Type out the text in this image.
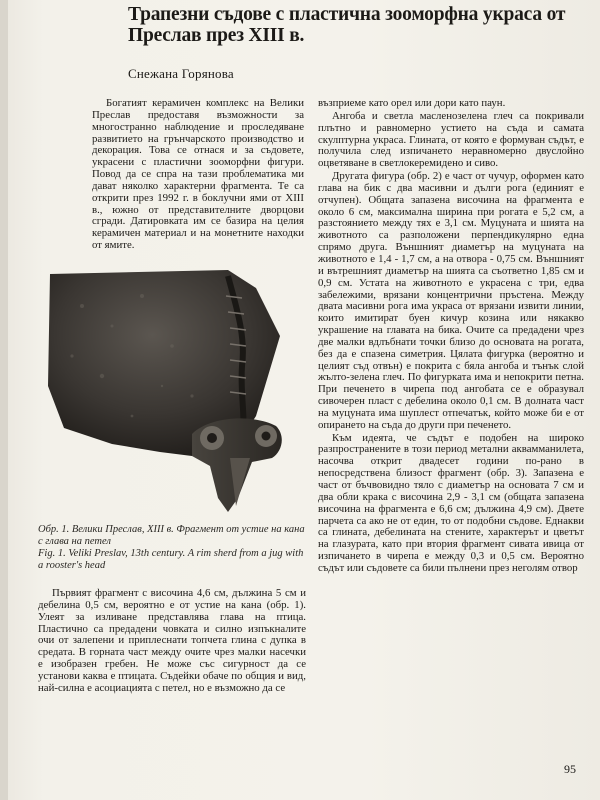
Трапезни съдове с пластична зооморфна украса от Преслав през XIII в.
Снежана Горянова

Богатият керамичен комплекс на Велики Преслав предоставя възможности за многостранно наблюдение и проследяване развитието на грънчарското производство и декорация. Това се отнася и за съдовете, украсени с пластични зооморфни фигури. Повод да се спра на тази проблематика ми дават няколко характерни фрагмента. Те са открити през 1992 г. в боклучни ями от XIII в., южно от представителните дворцови сгради. Датировката им се базира на целия керамичен материал и на монетните находки от ямите.

Обр. 1. Велики Преслав, XIII в. Фрагмент от устие на кана с глава на петел
Fig. 1. Veliki Preslav, 13th century. A rim sherd from a jug with a rooster's head

Първият фрагмент с височина 4,6 см, дължина 5 см и дебелина 0,5 см, вероятно е от устие на кана (обр. 1). Улеят за изливане представлява глава на птица. Пластично са предадени човката и силно изпъкналите очи от залепени и приплеснати топчета глина с дупка в средата. В горната част между очите чрез малки насечки е изобразен гребен. Не може със сигурност да се установи каква е птицата. Съдейки обаче по общия и вид, най-силна е асоциацията с петел, но е възможно да се

възприеме като орел или дори като паун.

Ангоба и светла масленозелена глеч са покривали плътно и равномерно устието на съда и самата скулптурна украса. Глината, от която е формуван съдът, е получила след изпичането неравномерно двуслойно оцветяване в светлокеремидено и сиво.

Другата фигура (обр. 2) е част от чучур, оформен като глава на бик с два масивни и дълги рога (единият е отчупен). Общата запазена височина на фрагмента е около 6 см, максимална ширина при рогата е 5,2 см, а разстоянието между тях е 3,1 см. Муцуната и шията на животното са разположени перпендикулярно една спрямо друга. Външният диаметър на муцуната на животното е 1,4 - 1,7 см, а на отвора - 0,75 см. Външният и вътрешният диаметър на шията са съответно 1,85 см и 0,9 см. Устата на животното е украсена с три, едва забележими, врязани концентрични пръстена. Между двата масивни рога има украса от врязани извити линии, които имитират буен кичур козина или някакво украшение на главата на бика. Очите са предадени чрез две малки вдлъбнати точки близо до основата на рогата, без да е спазена симетрия. Цялата фигурка (вероятно и целият съд отвън) е покрита с бяла ангоба и тънък слой жълто-зелена глеч. По фигурката има и непокрити петна. При печенето в чирепа под ангобата се е образувал сивочерен пласт с дебелина около 0,1 см. В долната част на муцуната има шуплест отпечатък, който може би е от опирането на съда до други при печенето.

Към идеята, че съдът е подобен на широко разпространените в този период метални аквамманилета, насочва открит двадесет години по-рано в непосредствена близост фрагмент (обр. 3). Запазена е част от бъчвовидно тяло с диаметър на основата 7 см и два обли крака с височина 2,9 - 3,1 см (общата запазена височина на фрагмента е 6,6 см; дължина 4,9 см). Двете парчета са ако не от един, то от подобни съдове. Еднакви са глината, дебелината на стените, характерът и цветът на глазурата, като при втория фрагмент сивата ивица от изпичането в чирепа е между 0,3 и 0,5 см. Вероятно съдът или съдовете са били пълнени през неголям отвор

95
